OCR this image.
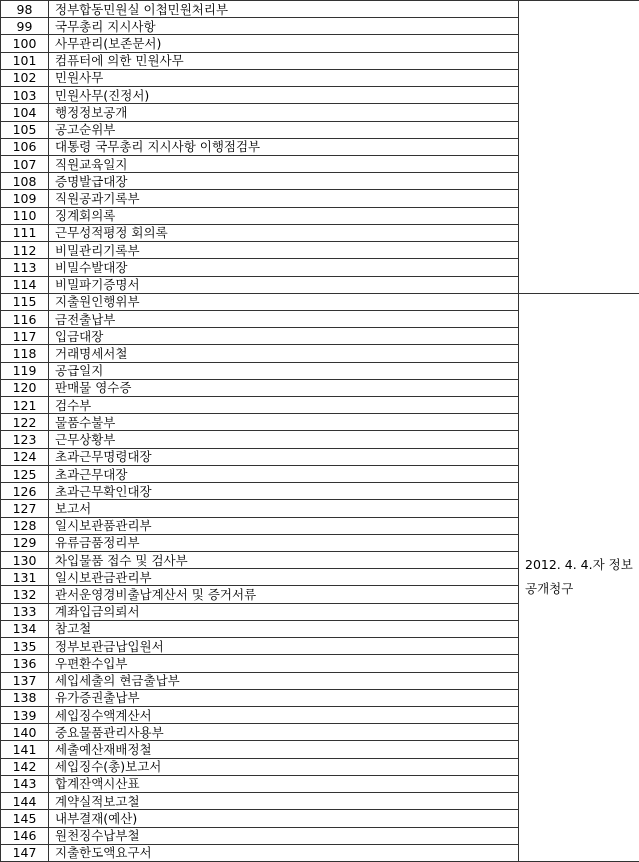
98	정부합동민원실 이첩민원처리부	
99	국무총리 지시사항	
100	사무관리(보존문서)	
101	컴퓨터에 의한 민원사무	
102	민원사무	
103	민원사무(진정서)	
104	행정정보공개	
105	공고순위부	
106	대통령 국무총리 지시사항 이행점검부	
107	직원교육일지	
108	증명발급대장	
109	직원공과기록부	
110	징계회의록	
111	근무성적평정 회의록	
112	비밀관리기록부	
113	비밀수발대장	
114	비밀파기증명서	
115	지출원인행위부	2012. 4. 4.자 정보공개청구
116	금전출납부	
117	입금대장	
118	거래명세서철	
119	공급일지	
120	판매물 영수증	
121	검수부	
122	물품수불부	
123	근무상황부	
124	초과근무명령대장	
125	초과근무대장	
126	초과근무확인대장	
127	보고서	
128	일시보관품관리부	
129	유류금품정리부	
130	차입물품 접수 및 검사부	
131	일시보관금관리부	
132	관서운영경비출납계산서 및 증거서류	
133	계좌입금의뢰서	
134	참고철	
135	정부보관금납입원서	
136	우편환수입부	
137	세입세출의 현금출납부	
138	유가증권출납부	
139	세입징수액계산서	
140	중요물품관리사용부	
141	세출예산재배정철	
142	세입징수(총)보고서	
143	합계잔액시산표	
144	계약실적보고철	
145	내부결재(예산)	
146	원천징수납부철	
147	지출한도액요구서	
